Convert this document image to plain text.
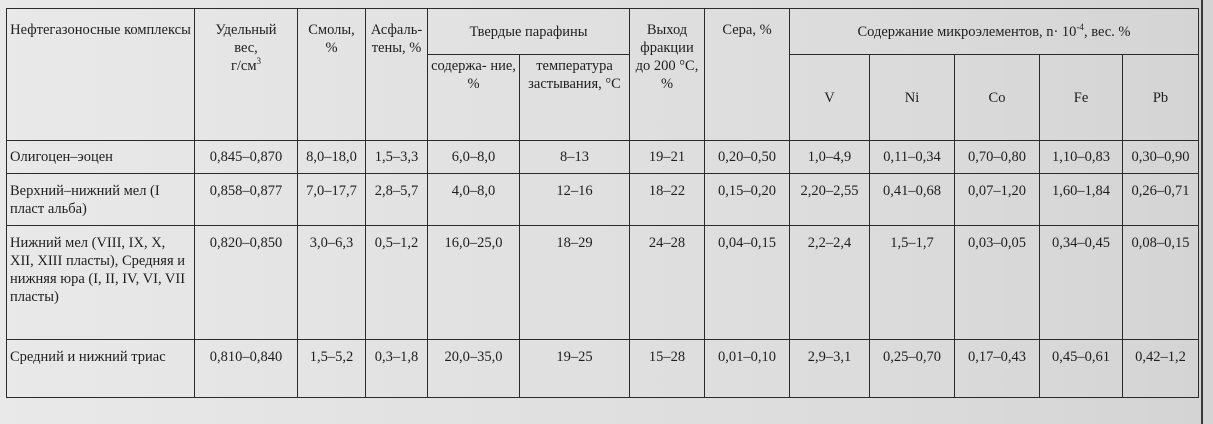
Нефтегазоносные комплексы	Удельный
вес,
$г/см^3$	Смолы, %	Асфаль- тены, %	Твердые парафины		Выход фракции до 200 °С, %	Сера, %	Содержание микроэлементов, $n\cdot 10^{-4}$, вес. %				
				содержа- ние, %	температура застывания, °С			V	Ni	Co	Fe	Pb
Олигоцен–эоцен	0,845–0,870	8,0–18,0	1,5–3,3	6,0–8,0	8–13	19–21	0,20–0,50	1,0–4,9	0,11–0,34	0,70–0,80	1,10–0,83	0,30–0,90
Верхний–нижний мел (I пласт альба)	0,858–0,877	7,0–17,7	2,8–5,7	4,0–8,0	12–16	18–22	0,15–0,20	2,20–2,55	0,41–0,68	0,07–1,20	1,60–1,84	0,26–0,71
Нижний мел (VIII, IX, X, XII, XIII пласты), Средняя и нижняя юра (I, II, IV, VI, VII пласты)	0,820–0,850	3,0–6,3	0,5–1,2	16,0–25,0	18–29	24–28	0,04–0,15	2,2–2,4	1,5–1,7	0,03–0,05	0,34–0,45	0,08–0,15
Средний и нижний триас	0,810–0,840	1,5–5,2	0,3–1,8	20,0–35,0	19–25	15–28	0,01–0,10	2,9–3,1	0,25–0,70	0,17–0,43	0,45–0,61	0,42–1,2
